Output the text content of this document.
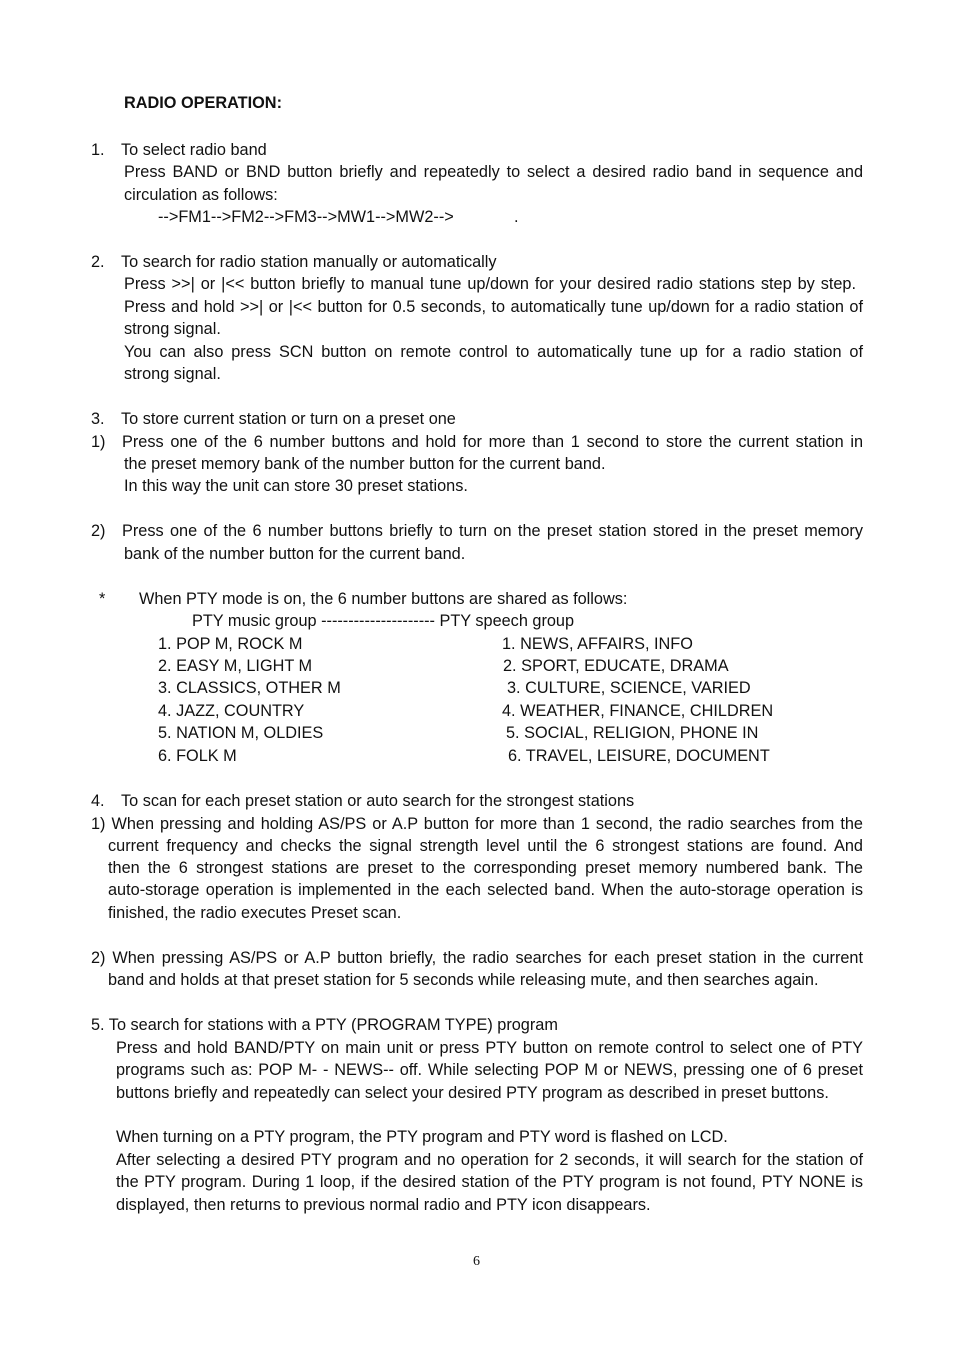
RADIO OPERATION:
1. To select radio band
Press BAND or BND button briefly and repeatedly to select a desired radio band in sequence and
circulation as follows:
-->FM1-->FM2-->FM3-->MW1-->MW2-->	.
2. To search for radio station manually or automatically
Press >>| or |<< button briefly to manual tune up/down for your desired radio stations step by step.
Press and hold >>| or |<< button for 0.5 seconds, to automatically tune up/down for a radio station of
strong signal.
You can also press SCN button on remote control to automatically tune up for a radio station of
strong signal.
3. To store current station or turn on a preset one
1) Press one of the 6 number buttons and hold for more than 1 second to store the current station in
the preset memory bank of the number button for the current band.
In this way the unit can store 30 preset stations.
2) Press one of the 6 number buttons briefly to turn on the preset station stored in the preset memory
bank of the number button for the current band.
* When PTY mode is on, the 6 number buttons are shared as follows:
PTY music group --------------------- PTY speech group
1. POP M, ROCK M
2. EASY M, LIGHT M
3. CLASSICS, OTHER M
4. JAZZ, COUNTRY
5. NATION M, OLDIES
6. FOLK M
1. NEWS, AFFAIRS, INFO
2. SPORT, EDUCATE, DRAMA
3. CULTURE, SCIENCE, VARIED
4. WEATHER, FINANCE, CHILDREN
5. SOCIAL, RELIGION, PHONE IN
6. TRAVEL, LEISURE, DOCUMENT
4. To scan for each preset station or auto search for the strongest stations
1) When pressing and holding AS/PS or A.P button for more than 1 second, the radio searches from the
current frequency and checks the signal strength level until the 6 strongest stations are found. And
then the 6 strongest stations are preset to the corresponding preset memory numbered bank. The
auto-storage operation is implemented in the each selected band. When the auto-storage operation is
finished, the radio executes Preset scan.
2) When pressing AS/PS or A.P button briefly, the radio searches for each preset station in the current
band and holds at that preset station for 5 seconds while releasing mute, and then searches again.
5. To search for stations with a PTY (PROGRAM TYPE) program
Press and hold BAND/PTY on main unit or press PTY button on remote control to select one of PTY
programs such as: POP M- - NEWS-- off. While selecting POP M or NEWS, pressing one of 6 preset
buttons briefly and repeatedly can select your desired PTY program as described in preset buttons.
When turning on a PTY program, the PTY program and PTY word is flashed on LCD.
After selecting a desired PTY program and no operation for 2 seconds, it will search for the station of
the PTY program. During 1 loop, if the desired station of the PTY program is not found, PTY NONE is
displayed, then returns to previous normal radio and PTY icon disappears.
6
